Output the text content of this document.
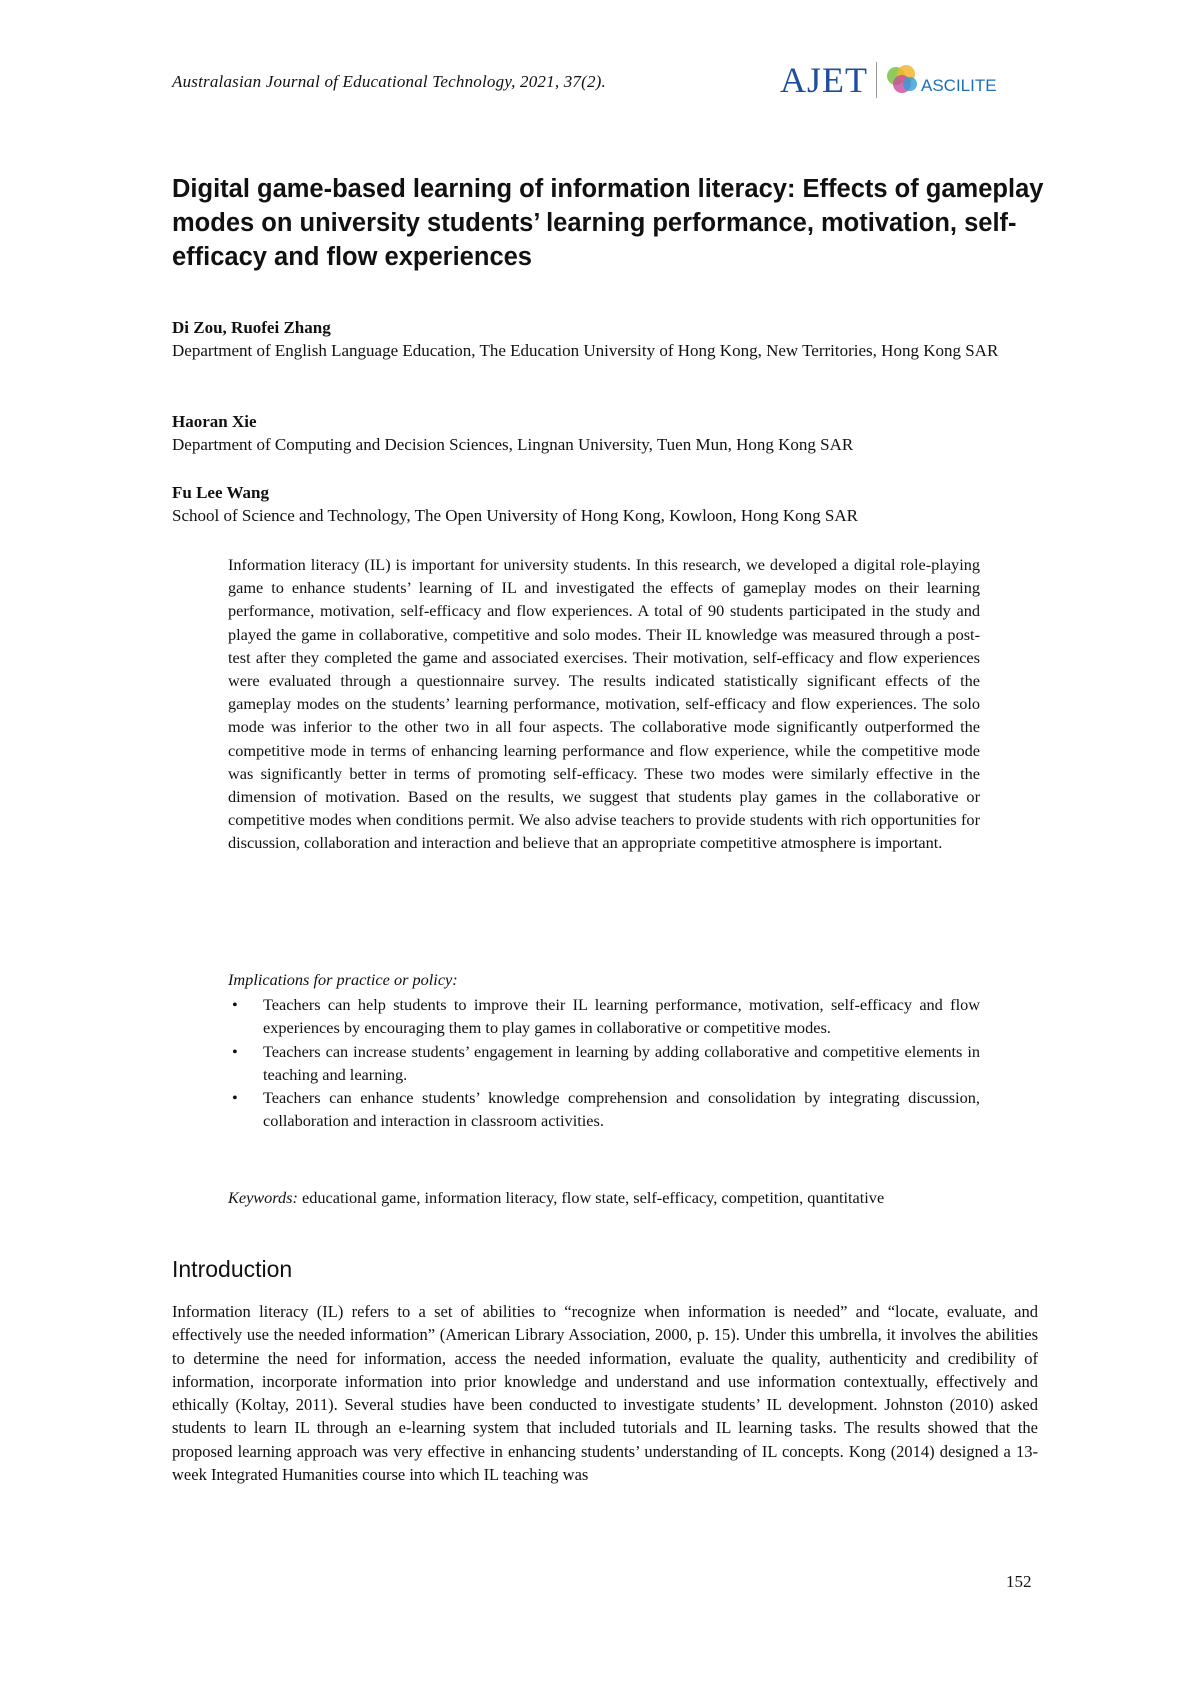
Australasian Journal of Educational Technology, 2021, 37(2).	AJET	ASCILITE
Digital game-based learning of information literacy: Effects of gameplay modes on university students’ learning performance, motivation, self-efficacy and flow experiences
Di Zou, Ruofei Zhang
Department of English Language Education, The Education University of Hong Kong, New Territories, Hong Kong SAR
Haoran Xie
Department of Computing and Decision Sciences, Lingnan University, Tuen Mun, Hong Kong SAR
Fu Lee Wang
School of Science and Technology, The Open University of Hong Kong, Kowloon, Hong Kong SAR

Information literacy (IL) is important for university students. In this research, we developed a digital role-playing game to enhance students’ learning of IL and investigated the effects of gameplay modes on their learning performance, motivation, self-efficacy and flow experiences. A total of 90 students participated in the study and played the game in collaborative, competitive and solo modes. Their IL knowledge was measured through a post-test after they completed the game and associated exercises. Their motivation, self-efficacy and flow experiences were evaluated through a questionnaire survey. The results indicated statistically significant effects of the gameplay modes on the students’ learning performance, motivation, self-efficacy and flow experiences. The solo mode was inferior to the other two in all four aspects. The collaborative mode significantly outperformed the competitive mode in terms of enhancing learning performance and flow experience, while the competitive mode was significantly better in terms of promoting self-efficacy. These two modes were similarly effective in the dimension of motivation. Based on the results, we suggest that students play games in the collaborative or competitive modes when conditions permit. We also advise teachers to provide students with rich opportunities for discussion, collaboration and interaction and believe that an appropriate competitive atmosphere is important.

Implications for practice or policy:
• Teachers can help students to improve their IL learning performance, motivation, self-efficacy and flow experiences by encouraging them to play games in collaborative or competitive modes.
• Teachers can increase students’ engagement in learning by adding collaborative and competitive elements in teaching and learning.
• Teachers can enhance students’ knowledge comprehension and consolidation by integrating discussion, collaboration and interaction in classroom activities.
Keywords: educational game, information literacy, flow state, self-efficacy, competition, quantitative
Introduction

Information literacy (IL) refers to a set of abilities to “recognize when information is needed” and “locate, evaluate, and effectively use the needed information” (American Library Association, 2000, p. 15). Under this umbrella, it involves the abilities to determine the need for information, access the needed information, evaluate the quality, authenticity and credibility of information, incorporate information into prior knowledge and understand and use information contextually, effectively and ethically (Koltay, 2011). Several studies have been conducted to investigate students’ IL development. Johnston (2010) asked students to learn IL through an e-learning system that included tutorials and IL learning tasks. The results showed that the proposed learning approach was very effective in enhancing students’ understanding of IL concepts. Kong (2014) designed a 13-week Integrated Humanities course into which IL teaching was

152
